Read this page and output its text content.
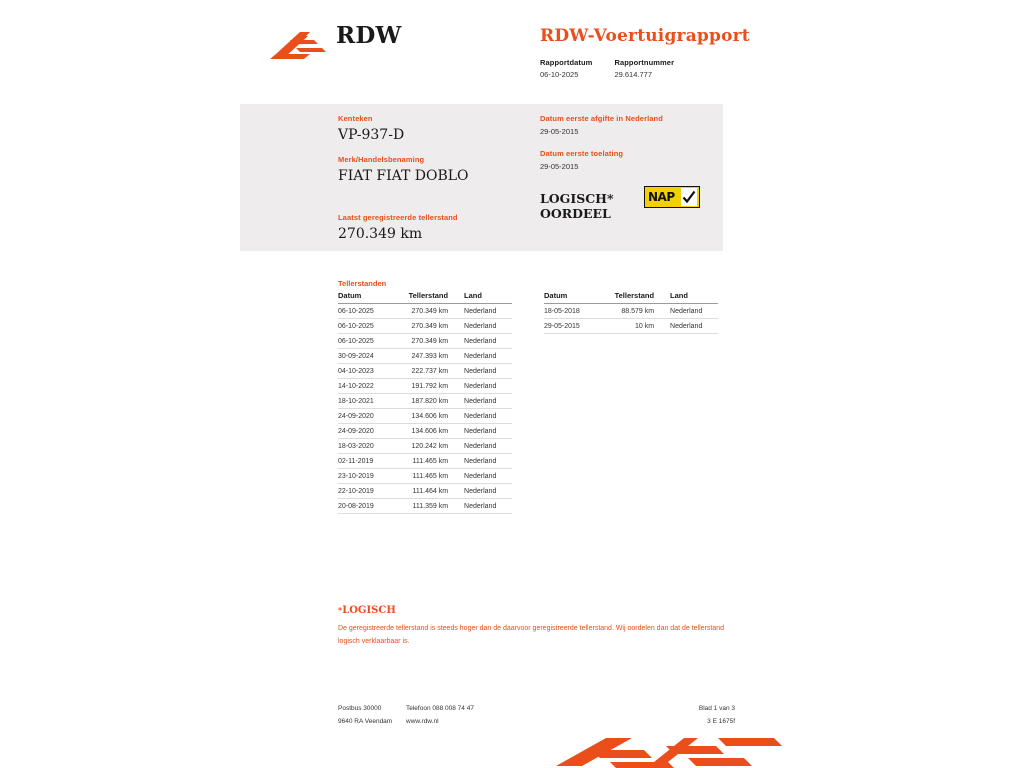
RDW	RDW-Voertuigrapport
Rapportdatum
06-10-2025
Rapportnummer
29.614.777
Kenteken
VP-937-D
Merk/Handelsbenaming
FIAT FIAT DOBLO
Laatst geregistreerde tellerstand
270.349 km
Datum eerste afgifte in Nederland
29-05-2015
Datum eerste toelating
29-05-2015
LOGISCH*
OORDEEL
NAP
Tellerstanden
Datum	Tellerstand	Land
06-10-2025	270.349 km	Nederland
06-10-2025	270.349 km	Nederland
06-10-2025	270.349 km	Nederland
30-09-2024	247.393 km	Nederland
04-10-2023	222.737 km	Nederland
14-10-2022	191.792 km	Nederland
18-10-2021	187.820 km	Nederland
24-09-2020	134.606 km	Nederland
24-09-2020	134.606 km	Nederland
18-03-2020	120.242 km	Nederland
02-11-2019	111.465 km	Nederland
23-10-2019	111.465 km	Nederland
22-10-2019	111.464 km	Nederland
20-08-2019	111.359 km	Nederland
Datum	Tellerstand	Land
18-05-2018	88.579 km	Nederland
29-05-2015	10 km	Nederland
*LOGISCH
De geregistreerde tellerstand is steeds hoger dan de daarvoor geregistreerde tellerstand. Wij oordelen dan dat de tellerstand logisch verklaarbaar is.
Postbus 30000
9640 RA Veendam
Telefoon 088 008 74 47
www.rdw.nl
Blad 1 van 3
3 E 1675f
